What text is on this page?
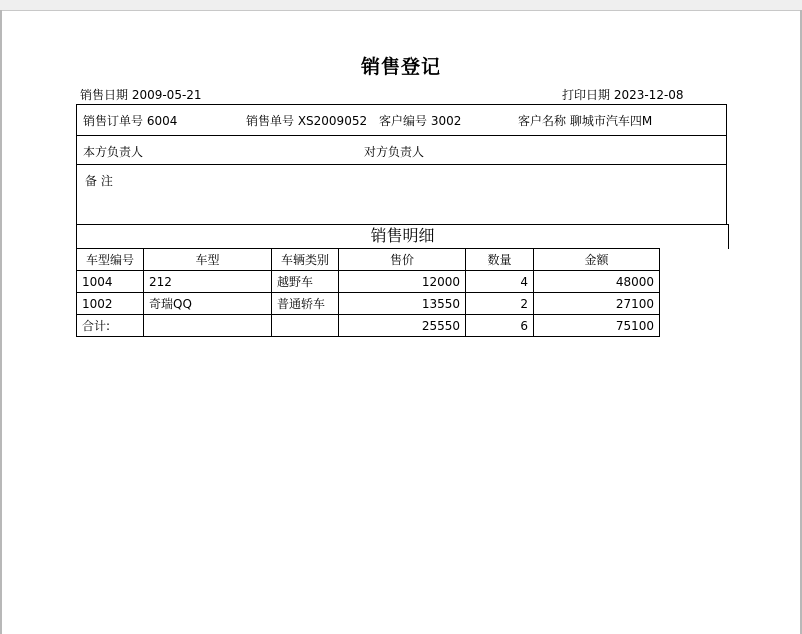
销售登记
销售日期 2009-05-21	打印日期 2023-12-08
销售订单号 6004	销售单号 XS2009052 客户编号 3002	客户名称 聊城市汽车四M
本方负责人	对方负责人
备 注
销售明细
车型编号	车型	车辆类别	售价	数量	金额
1004	212	越野车	12000	4	48000
1002	奇瑞QQ	普通轿车	13550	2	27100
合计:			25550	6	75100
